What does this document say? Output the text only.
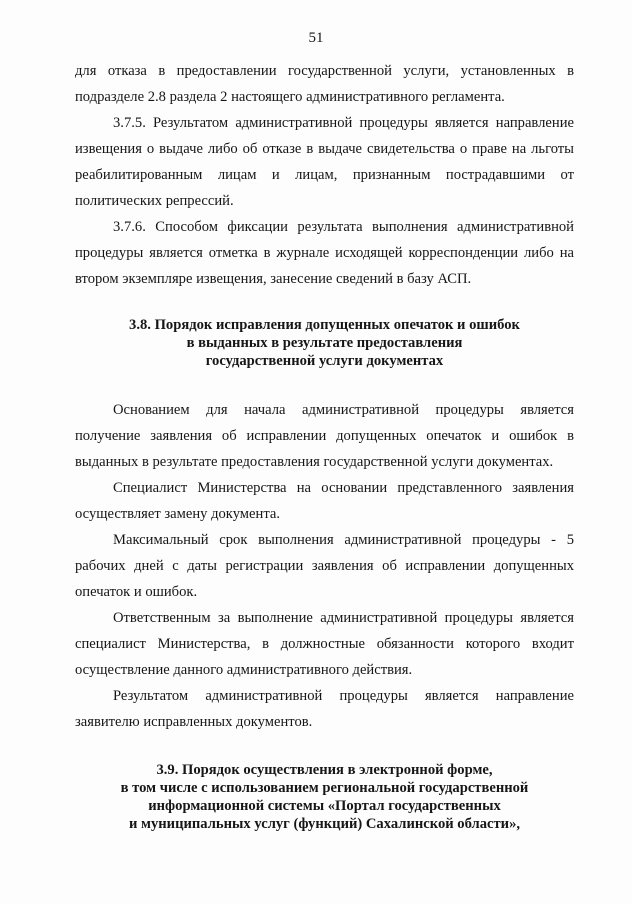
51

для отказа в предоставлении государственной услуги, установленных в подразделе 2.8 раздела 2 настоящего административного регламента.

3.7.5. Результатом административной процедуры является направление извещения о выдаче либо об отказе в выдаче свидетельства о праве на льготы реабилитированным лицам и лицам, признанным пострадавшими от политических репрессий.

3.7.6. Способом фиксации результата выполнения административной процедуры является отметка в журнале исходящей корреспонденции либо на втором экземпляре извещения, занесение сведений в базу АСП.

3.8. Порядок исправления допущенных опечаток и ошибок
в выданных в результате предоставления
государственной услуги документах

Основанием для начала административной процедуры является получение заявления об исправлении допущенных опечаток и ошибок в выданных в результате предоставления государственной услуги документах.

Специалист Министерства на основании представленного заявления осуществляет замену документа.

Максимальный срок выполнения административной процедуры - 5 рабочих дней с даты регистрации заявления об исправлении допущенных опечаток и ошибок.

Ответственным за выполнение административной процедуры является специалист Министерства, в должностные обязанности которого входит осуществление данного административного действия.

Результатом административной процедуры является направление заявителю исправленных документов.

3.9. Порядок осуществления в электронной форме,
в том числе с использованием региональной государственной
информационной системы «Портал государственных
и муниципальных услуг (функций) Сахалинской области»,
